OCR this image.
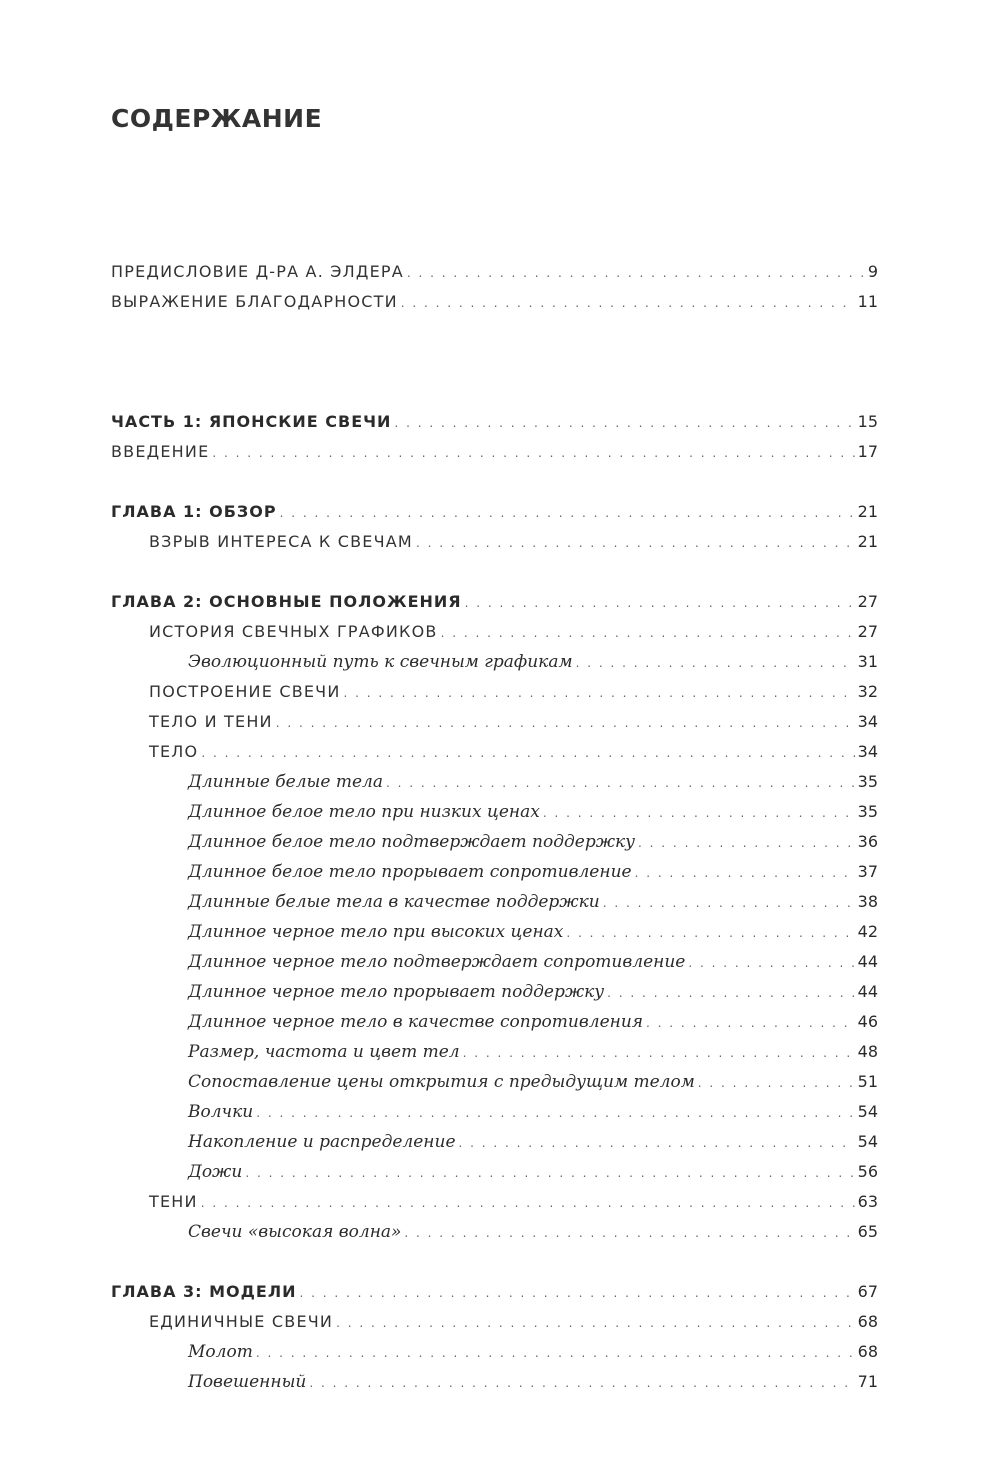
СОДЕРЖАНИЕ
ПРЕДИСЛОВИЕ Д-РА А. ЭЛДЕРА . . .	9
ВЫРАЖЕНИЕ БЛАГОДАРНОСТИ . . .	11
ЧАСТЬ 1: ЯПОНСКИЕ СВЕЧИ . . .	15
ВВЕДЕНИЕ . . .	17
ГЛАВА 1: ОБЗОР . . .	21
ВЗРЫВ ИНТЕРЕСА К СВЕЧАМ . . .	21
ГЛАВА 2: ОСНОВНЫЕ ПОЛОЖЕНИЯ . . .	27
ИСТОРИЯ СВЕЧНЫХ ГРАФИКОВ . . .	27
Эволюционный путь к свечным графикам . . .	31
ПОСТРОЕНИЕ СВЕЧИ . . .	32
ТЕЛО И ТЕНИ . . .	34
ТЕЛО . . .	34
Длинные белые тела . . .	35
Длинное белое тело при низких ценах . . .	35
Длинное белое тело подтверждает поддержку . . .	36
Длинное белое тело прорывает сопротивление . . .	37
Длинные белые тела в качестве поддержки . . .	38
Длинное черное тело при высоких ценах . . .	42
Длинное черное тело подтверждает сопротивление . . .	44
Длинное черное тело прорывает поддержку . . .	44
Длинное черное тело в качестве сопротивления . . .	46
Размер, частота и цвет тел . . .	48
Сопоставление цены открытия с предыдущим телом . . .	51
Волчки . . .	54
Накопление и распределение . . .	54
Дожи . . .	56
ТЕНИ . . .	63
Свечи «высокая волна» . . .	65
ГЛАВА 3: МОДЕЛИ . . .	67
ЕДИНИЧНЫЕ СВЕЧИ . . .	68
Молот . . .	68
Повешенный . . .	71
